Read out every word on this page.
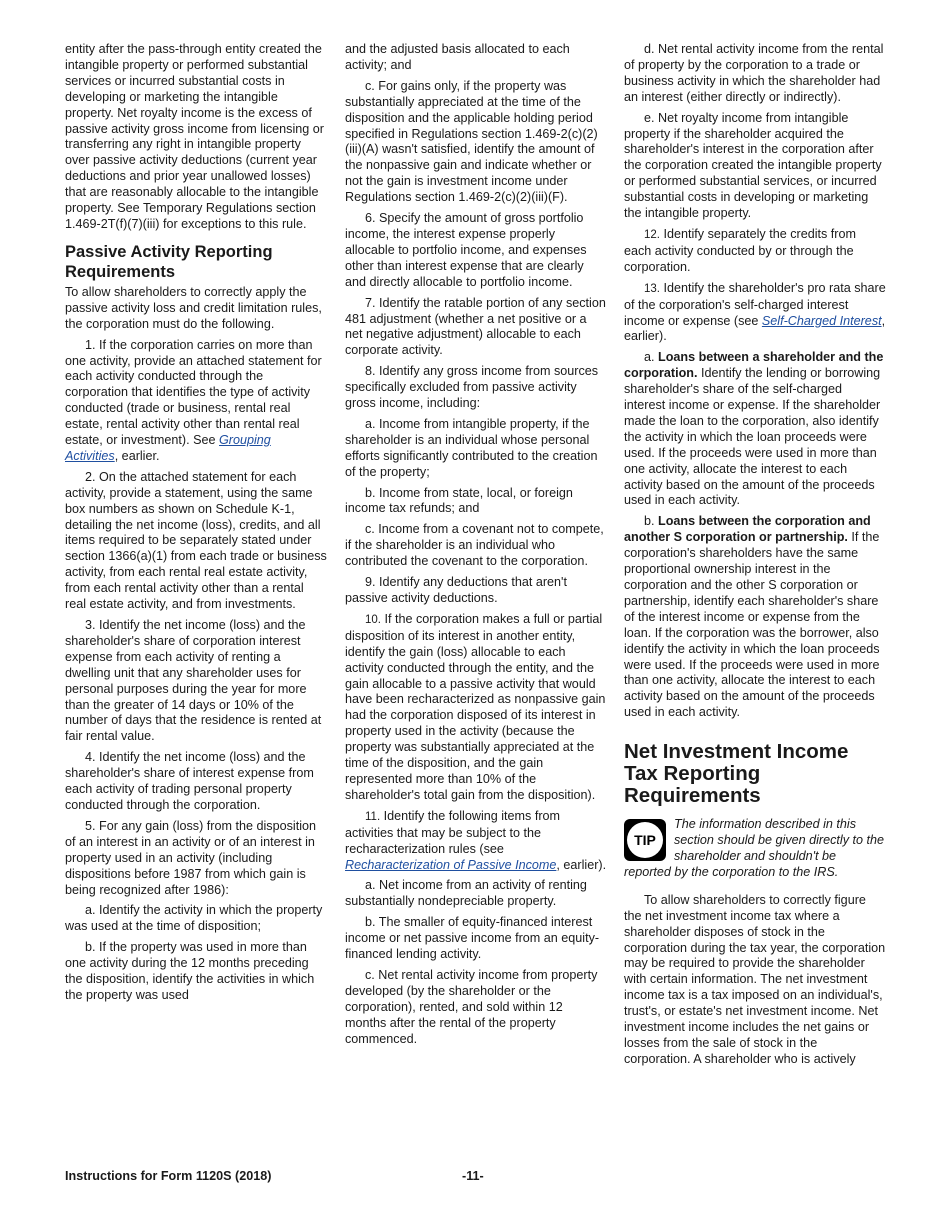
entity after the pass-through entity created the intangible property or performed substantial services or incurred substantial costs in developing or marketing the intangible property. Net royalty income is the excess of passive activity gross income from licensing or transferring any right in intangible property over passive activity deductions (current year deductions and prior year unallowed losses) that are reasonably allocable to the intangible property. See Temporary Regulations section 1.469-2T(f)(7)(iii) for exceptions to this rule.

Passive Activity Reporting Requirements

To allow shareholders to correctly apply the passive activity loss and credit limitation rules, the corporation must do the following.

1. If the corporation carries on more than one activity, provide an attached statement for each activity conducted through the corporation that identifies the type of activity conducted (trade or business, rental real estate, rental activity other than rental real estate, or investment). See Grouping Activities, earlier.

2. On the attached statement for each activity, provide a statement, using the same box numbers as shown on Schedule K-1, detailing the net income (loss), credits, and all items required to be separately stated under section 1366(a)(1) from each trade or business activity, from each rental real estate activity, from each rental activity other than a rental real estate activity, and from investments.

3. Identify the net income (loss) and the shareholder's share of corporation interest expense from each activity of renting a dwelling unit that any shareholder uses for personal purposes during the year for more than the greater of 14 days or 10% of the number of days that the residence is rented at fair rental value.

4. Identify the net income (loss) and the shareholder's share of interest expense from each activity of trading personal property conducted through the corporation.

5. For any gain (loss) from the disposition of an interest in an activity or of an interest in property used in an activity (including dispositions before 1987 from which gain is being recognized after 1986):

a. Identify the activity in which the property was used at the time of disposition;

b. If the property was used in more than one activity during the 12 months preceding the disposition, identify the activities in which the property was used

and the adjusted basis allocated to each activity; and

c. For gains only, if the property was substantially appreciated at the time of the disposition and the applicable holding period specified in Regulations section 1.469-2(c)(2)(iii)(A) wasn't satisfied, identify the amount of the nonpassive gain and indicate whether or not the gain is investment income under Regulations section 1.469-2(c)(2)(iii)(F).

6. Specify the amount of gross portfolio income, the interest expense properly allocable to portfolio income, and expenses other than interest expense that are clearly and directly allocable to portfolio income.

7. Identify the ratable portion of any section 481 adjustment (whether a net positive or a net negative adjustment) allocable to each corporate activity.

8. Identify any gross income from sources specifically excluded from passive activity gross income, including:

a. Income from intangible property, if the shareholder is an individual whose personal efforts significantly contributed to the creation of the property;

b. Income from state, local, or foreign income tax refunds; and

c. Income from a covenant not to compete, if the shareholder is an individual who contributed the covenant to the corporation.

9. Identify any deductions that aren't passive activity deductions.

10. If the corporation makes a full or partial disposition of its interest in another entity, identify the gain (loss) allocable to each activity conducted through the entity, and the gain allocable to a passive activity that would have been recharacterized as nonpassive gain had the corporation disposed of its interest in property used in the activity (because the property was substantially appreciated at the time of the disposition, and the gain represented more than 10% of the shareholder's total gain from the disposition).

11. Identify the following items from activities that may be subject to the recharacterization rules (see Recharacterization of Passive Income, earlier).

a. Net income from an activity of renting substantially nondepreciable property.

b. The smaller of equity-financed interest income or net passive income from an equity-financed lending activity.

c. Net rental activity income from property developed (by the shareholder or the corporation), rented, and sold within 12 months after the rental of the property commenced.

d. Net rental activity income from the rental of property by the corporation to a trade or business activity in which the shareholder had an interest (either directly or indirectly).

e. Net royalty income from intangible property if the shareholder acquired the shareholder's interest in the corporation after the corporation created the intangible property or performed substantial services, or incurred substantial costs in developing or marketing the intangible property.

12. Identify separately the credits from each activity conducted by or through the corporation.

13. Identify the shareholder's pro rata share of the corporation's self-charged interest income or expense (see Self-Charged Interest, earlier).

a. Loans between a shareholder and the corporation. Identify the lending or borrowing shareholder's share of the self-charged interest income or expense. If the shareholder made the loan to the corporation, also identify the activity in which the loan proceeds were used. If the proceeds were used in more than one activity, allocate the interest to each activity based on the amount of the proceeds used in each activity.

b. Loans between the corporation and another S corporation or partnership. If the corporation's shareholders have the same proportional ownership interest in the corporation and the other S corporation or partnership, identify each shareholder's share of the interest income or expense from the loan. If the corporation was the borrower, also identify the activity in which the loan proceeds were used. If the proceeds were used in more than one activity, allocate the interest to each activity based on the amount of the proceeds used in each activity.

Net Investment Income Tax Reporting Requirements
TIP

The information described in this section should be given directly to the shareholder and shouldn't be reported by the corporation to the IRS.

To allow shareholders to correctly figure the net investment income tax where a shareholder disposes of stock in the corporation during the tax year, the corporation may be required to provide the shareholder with certain information. The net investment income tax is a tax imposed on an individual's, trust's, or estate's net investment income. Net investment income includes the net gains or losses from the sale of stock in the corporation. A shareholder who is actively

Instructions for Form 1120S (2018)	-11-
